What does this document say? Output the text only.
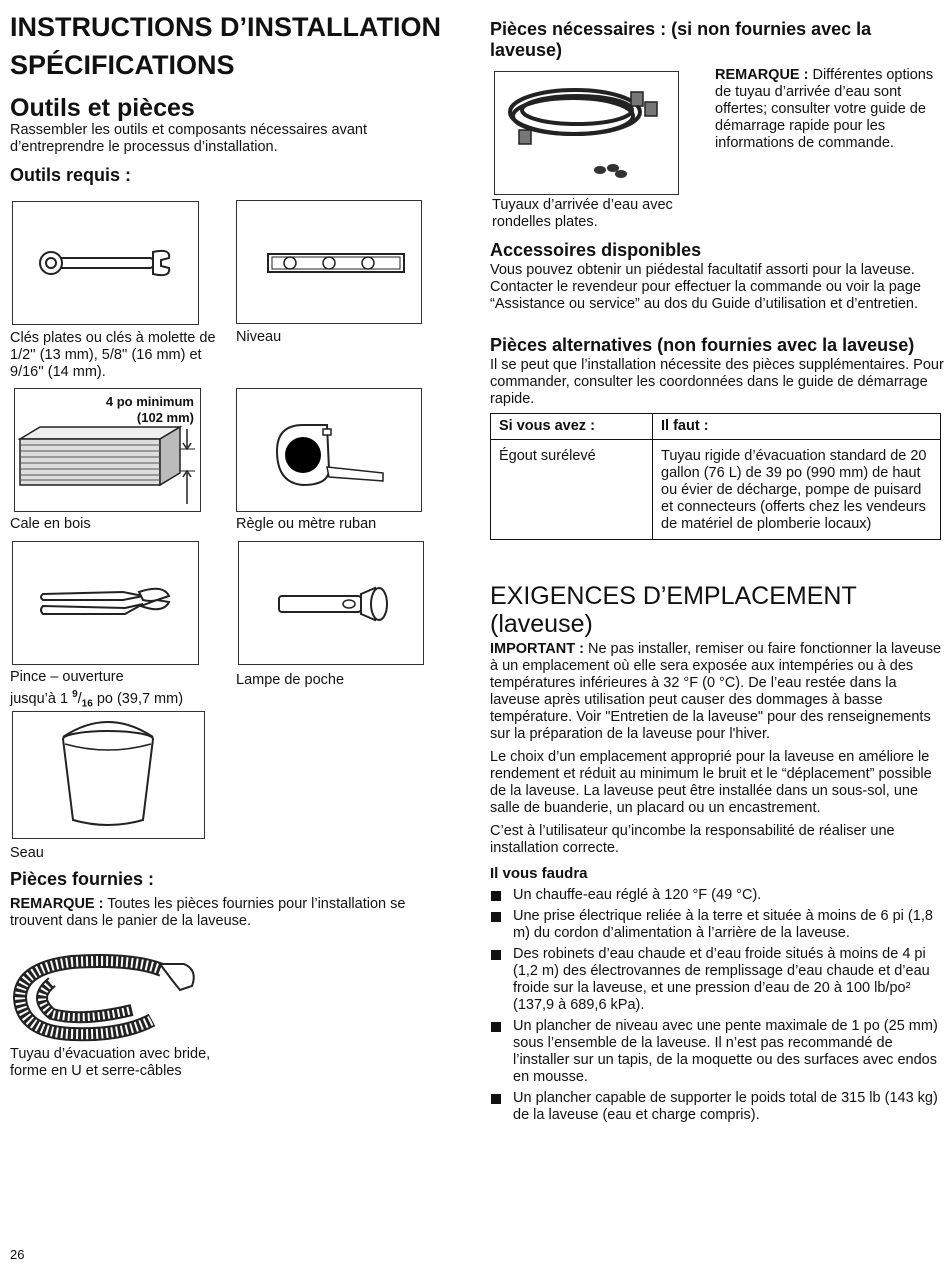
INSTRUCTIONS D’INSTALLATION
SPÉCIFICATIONS
Outils et pièces
Rassembler les outils et composants nécessaires avant d’entreprendre le processus d’installation.
Outils requis :
Clés plates ou clés à molette de 1/2'' (13 mm), 5/8'' (16 mm) et 9/16'' (14 mm).
Niveau
4 po minimum
(102 mm)
Cale en bois	Règle ou mètre ruban
Pince – ouverture
jusqu’à 1 $^9/_{16}$ po (39,7 mm)
Lampe de poche
Seau
Pièces fournies :
REMARQUE : Toutes les pièces fournies pour l’installation se trouvent dans le panier de la laveuse.
Tuyau d’évacuation avec bride, forme en U et serre-câbles
Pièces nécessaires : (si non fournies avec la laveuse)
Tuyaux d’arrivée d’eau avec rondelles plates.
REMARQUE : Différentes options de tuyau d’arrivée d’eau sont offertes; consulter votre guide de démarrage rapide pour les informations de commande.
Accessoires disponibles
Vous pouvez obtenir un piédestal facultatif assorti pour la laveuse. Contacter le revendeur pour effectuer la commande ou voir la page “Assistance ou service” au dos du Guide d’utilisation et d’entretien.
Pièces alternatives (non fournies avec la laveuse)
Il se peut que l’installation nécessite des pièces supplémentaires. Pour commander, consulter les coordonnées dans le guide de démarrage rapide.
Si vous avez :	Il faut :
Égout surélevé	Tuyau rigide d’évacuation standard de 20 gallon (76 L) de 39 po (990 mm) de haut ou évier de décharge, pompe de puisard et connecteurs (offerts chez les vendeurs de matériel de plomberie locaux)
EXIGENCES D’EMPLACEMENT
(laveuse)
IMPORTANT : Ne pas installer, remiser ou faire fonctionner la laveuse à un emplacement où elle sera exposée aux intempéries ou à des températures inférieures à 32 °F (0 °C). De l’eau restée dans la laveuse après utilisation peut causer des dommages à basse température. Voir "Entretien de la laveuse" pour des renseignements sur la préparation de la laveuse pour l'hiver.
Le choix d’un emplacement approprié pour la laveuse en améliore le rendement et réduit au minimum le bruit et le “déplacement” possible de la laveuse. La laveuse peut être installée dans un sous-sol, une salle de buanderie, un placard ou un encastrement.
C’est à l’utilisateur qu’incombe la responsabilité de réaliser une installation correcte.
Il vous faudra
Un chauffe-eau réglé à 120 °F (49 °C).
Une prise électrique reliée à la terre et située à moins de 6 pi (1,8 m) du cordon d’alimentation à l’arrière de la laveuse.
Des robinets d’eau chaude et d’eau froide situés à moins de 4 pi (1,2 m) des électrovannes de remplissage d’eau chaude et d’eau froide sur la laveuse, et une pression d’eau de 20 à 100 lb/po² (137,9 à 689,6 kPa).
Un plancher de niveau avec une pente maximale de 1 po (25 mm) sous l’ensemble de la laveuse. Il n’est pas recommandé de l’installer sur un tapis, de la moquette ou des surfaces avec endos en mousse.
Un plancher capable de supporter le poids total de 315 lb (143 kg) de la laveuse (eau et charge compris).
26
